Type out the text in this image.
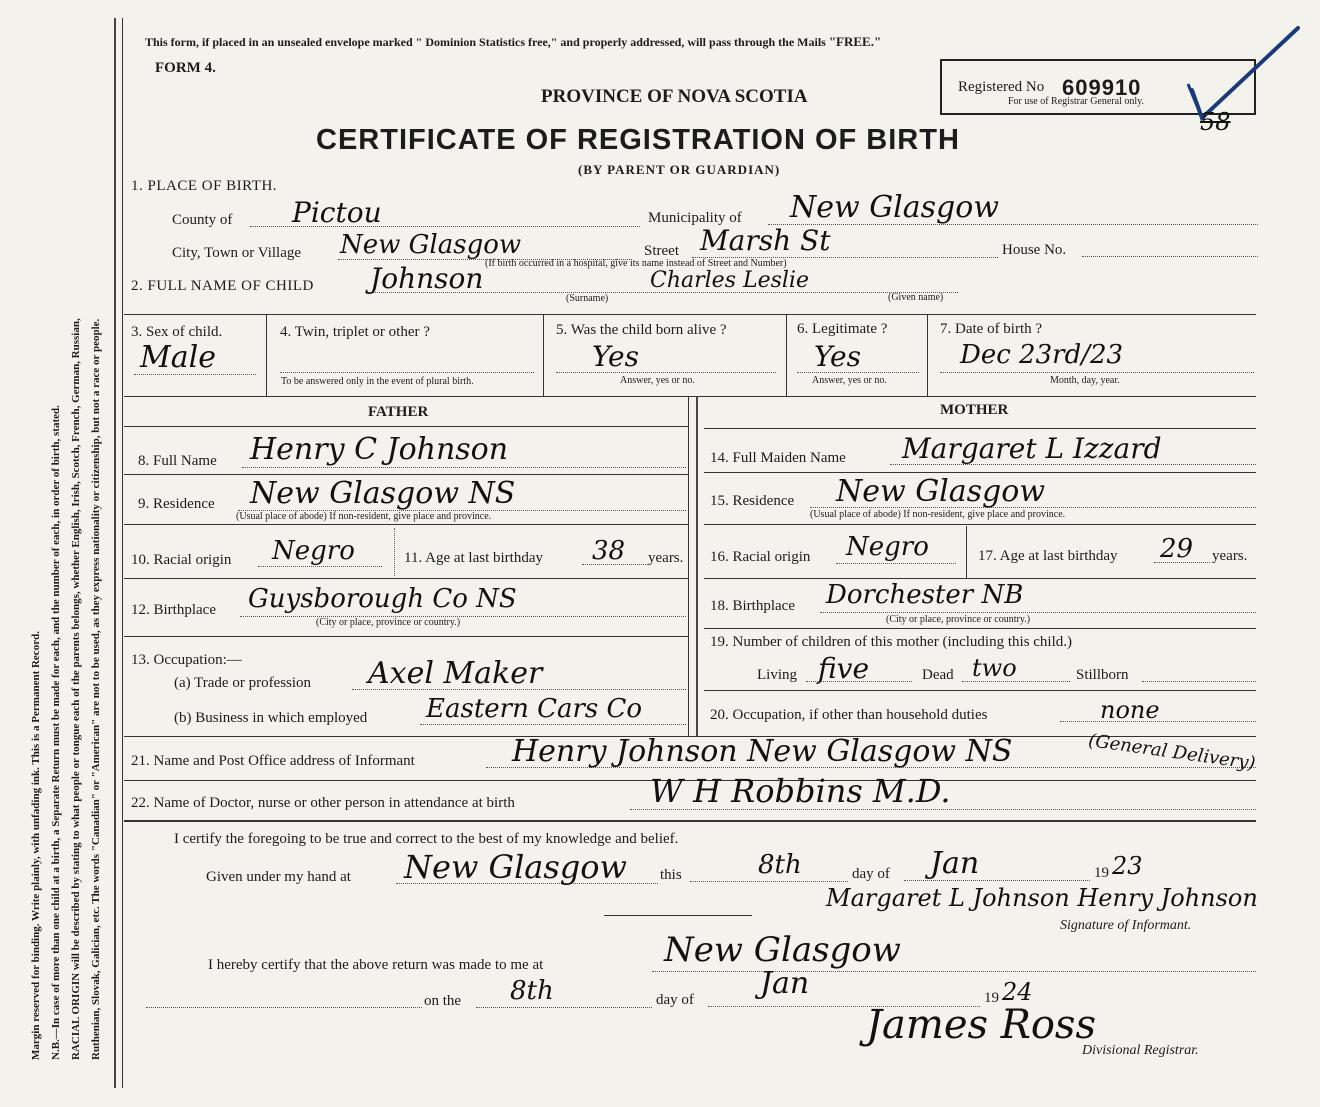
Margin reserved for binding. Write plainly, with unfading ink. This is a Permanent Record. N.B.—In case of more than one child at a birth, a Separate Return must be made for each, and the number of each, in order of birth, stated. RACIAL ORIGIN will be described by stating to what people or tongue each of the parents belongs, whether English, Irish, Scotch, French, German, Russian, Ruthenian, Slovak, Galician, etc. The words "Canadian" or "American" are not to be used, as they express nationality or citizenship, but not a race or people.
This form, if placed in an unsealed envelope marked " Dominion Statistics free," and properly addressed, will pass through the Mails "FREE."
FORM 4.
PROVINCE OF NOVA SCOTIA
CERTIFICATE OF REGISTRATION OF BIRTH
(BY PARENT OR GUARDIAN)
Registered No 609910
For use of Registrar General only.
58
1. PLACE OF BIRTH.
County of Pictou	Municipality of New Glasgow
City, Town or Village New Glasgow	Street Marsh St	House No.
(If birth occurred in a hospital, give its name instead of Street and Number)
2. FULL NAME OF CHILD Johnson	Charles Leslie
(Surname)	(Given name)
3. Sex of child.
Male
4. Twin, triplet or other ?
To be answered only in the event of plural birth.
5. Was the child born alive ?
Yes
Answer, yes or no.
6. Legitimate ?
Yes
Answer, yes or no.
7. Date of birth ?
Dec 23rd/23
Month, day, year.
FATHER	MOTHER
8. Full Name Henry C Johnson
9. Residence New Glasgow NS
(Usual place of abode) If non-resident, give place and province.
10. Racial origin Negro	11. Age at last birthday 38 years.
12. Birthplace Guysborough Co NS
(City or place, province or country.)
13. Occupation:—
(a) Trade or profession Axel Maker
(b) Business in which employed Eastern Cars Co
14. Full Maiden Name Margaret L Izzard
15. Residence New Glasgow
(Usual place of abode) If non-resident, give place and province.
16. Racial origin Negro	17. Age at last birthday 29 years.
18. Birthplace Dorchester NB
(City or place, province or country.)
19. Number of children of this mother (including this child.)
Living five	Dead two	Stillborn
20. Occupation, if other than household duties	none
21. Name and Post Office address of Informant	Henry Johnson New Glasgow NS	(General Delivery)
22. Name of Doctor, nurse or other person in attendance at birth	W H Robbins M.D.
I certify the foregoing to be true and correct to the best of my knowledge and belief.
Given under my hand at New Glasgow this	8th	day of Jan	19 23
Margaret L Johnson Henry Johnson
Signature of Informant.
I hereby certify that the above return was made to me at	New Glasgow
on the 8th	day of Jan	19 24
James Ross
Divisional Registrar.
